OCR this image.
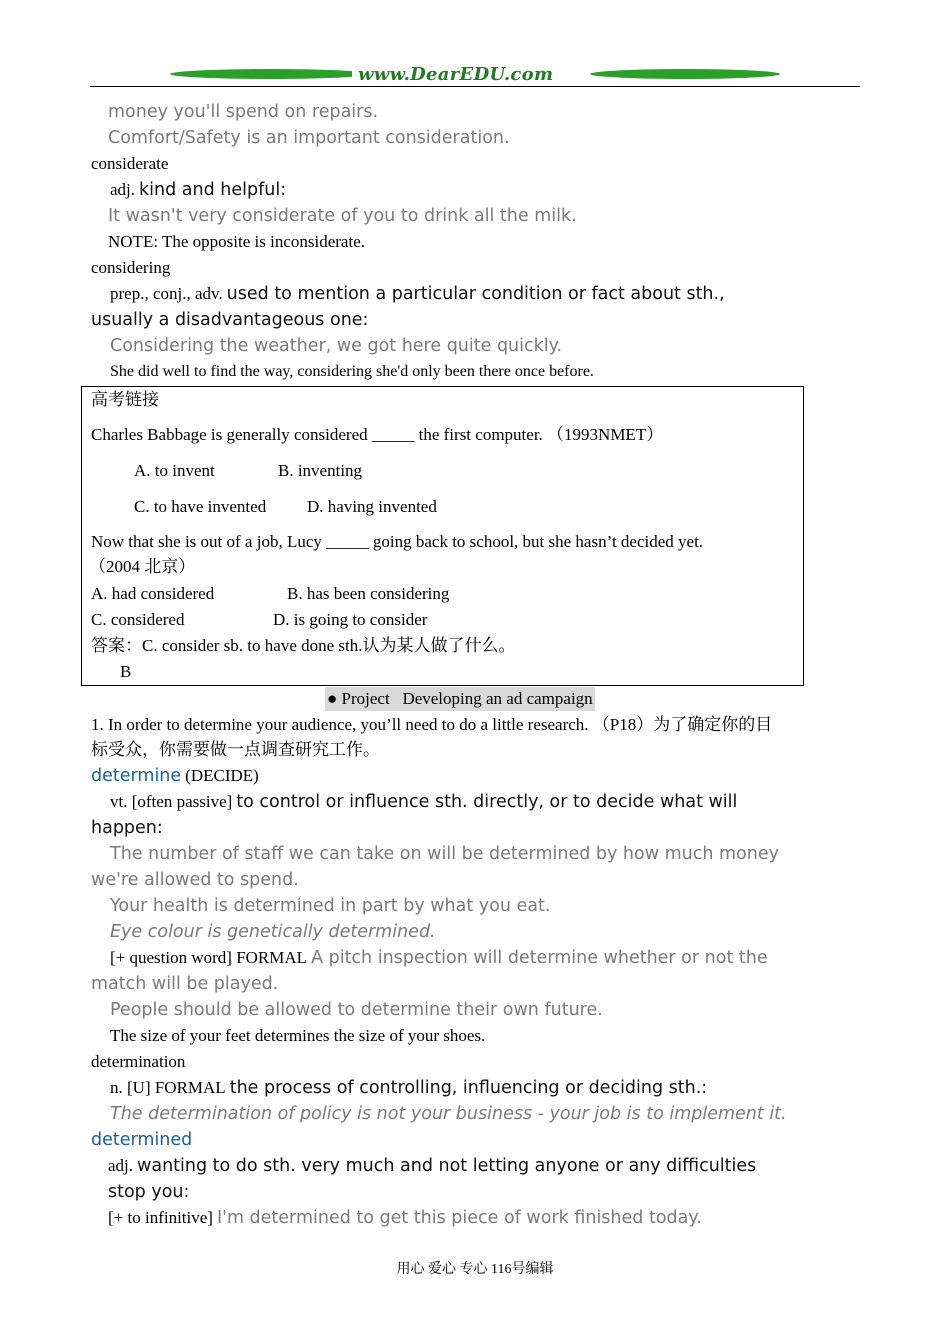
www.DearEDU.com
money you'll spend on repairs.
Comfort/Safety is an important consideration.
considerate
adj. kind and helpful:
It wasn't very considerate of you to drink all the milk.
NOTE: The opposite is inconsiderate.
considering
prep., conj., adv. used to mention a particular condition or fact about sth.,
usually a disadvantageous one:
Considering the weather, we got here quite quickly.
She did well to find the way, considering she'd only been there once before.
高考链接
Charles Babbage is generally considered _____ the first computer. （1993NMET）
A. to invent	B. inventing
C. to have invented D. having invented
Now that she is out of a job, Lucy _____ going back to school, but she hasn’t decided yet.
（2004 北京）
A. had considered	B. has been considering
C. considered	D. is going to consider
答案：C. consider sb. to have done sth.认为某人做了什么。
B
● Project Developing an ad campaign
1. In order to determine your audience, you’ll need to do a little research. （P18）为了确定你的目
标受众，你需要做一点调查研究工作。
determine (DECIDE)
vt. [often passive] to control or influence sth. directly, or to decide what will
happen:
The number of staff we can take on will be determined by how much money
we're allowed to spend.
Your health is determined in part by what you eat.
Eye colour is genetically determined.
[+ question word] FORMAL A pitch inspection will determine whether or not the
match will be played.
People should be allowed to determine their own future.
The size of your feet determines the size of your shoes.
determination
n. [U] FORMAL the process of controlling, influencing or deciding sth.:
The determination of policy is not your business - your job is to implement it.
determined
adj. wanting to do sth. very much and not letting anyone or any difficulties
stop you:
[+ to infinitive] I'm determined to get this piece of work finished today.
用心 爱心 专心 116号编辑
